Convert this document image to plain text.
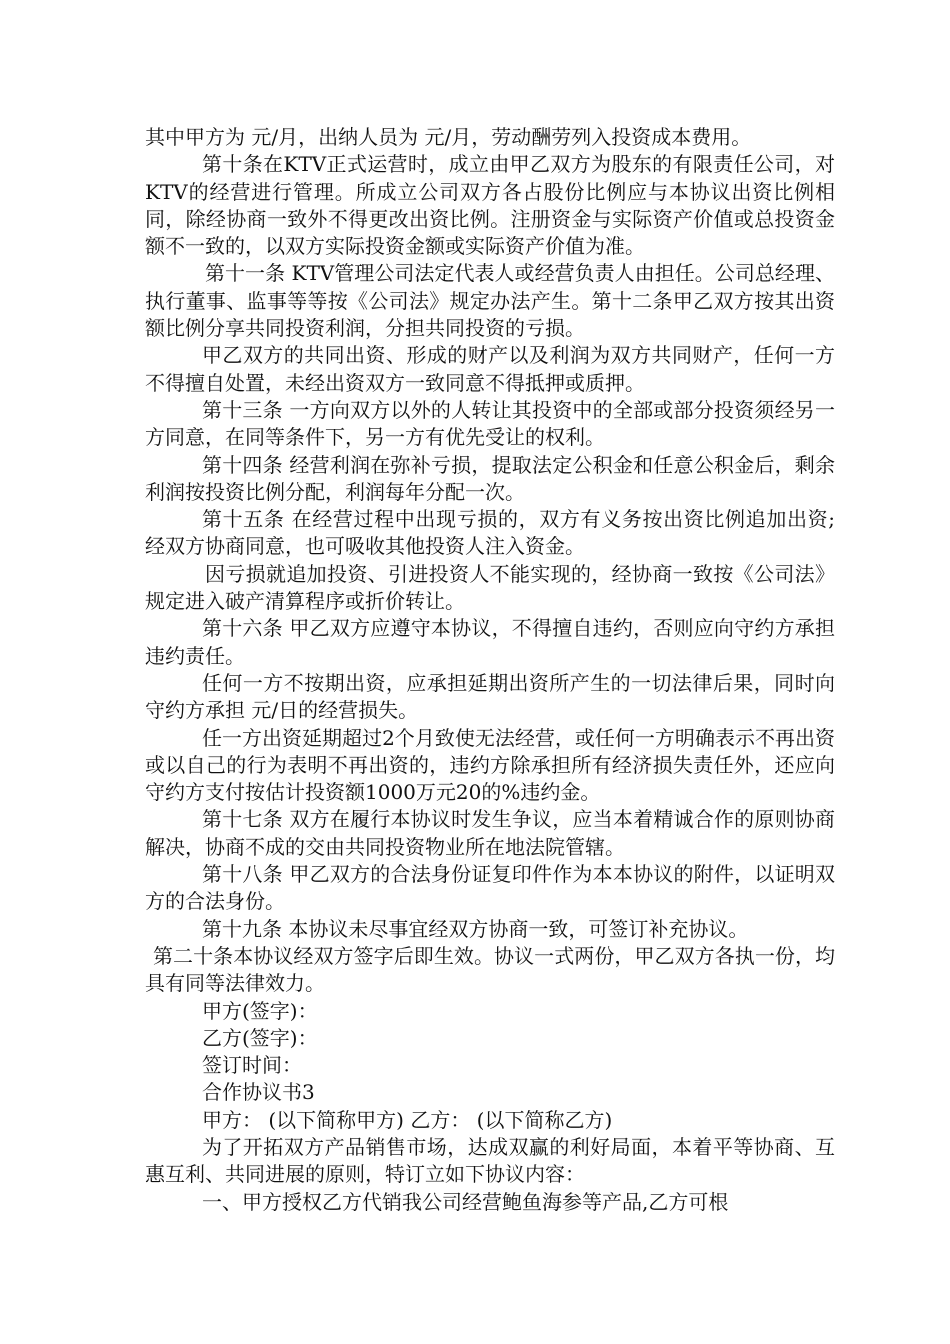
其中甲方为 元/月，出纳人员为 元/月，劳动酬劳列入投资成本费用。

第十条在KTV正式运营时，成立由甲乙双方为股东的有限责任公司，对KTV的经营进行管理。所成立公司双方各占股份比例应与本协议出资比例相同，除经协商一致外不得更改出资比例。注册资金与实际资产价值或总投资金额不一致的，以双方实际投资金额或实际资产价值为准。

第十一条 KTV管理公司法定代表人或经营负责人由担任。公司总经理、执行董事、监事等等按《公司法》规定办法产生。第十二条甲乙双方按其出资额比例分享共同投资利润，分担共同投资的亏损。

甲乙双方的共同出资、形成的财产以及利润为双方共同财产，任何一方不得擅自处置，未经出资双方一致同意不得抵押或质押。

第十三条 一方向双方以外的人转让其投资中的全部或部分投资须经另一方同意，在同等条件下，另一方有优先受让的权利。

第十四条 经营利润在弥补亏损，提取法定公积金和任意公积金后，剩余利润按投资比例分配，利润每年分配一次。

第十五条 在经营过程中出现亏损的，双方有义务按出资比例追加出资;经双方协商同意，也可吸收其他投资人注入资金。

因亏损就追加投资、引进投资人不能实现的，经协商一致按《公司法》规定进入破产清算程序或折价转让。

第十六条 甲乙双方应遵守本协议，不得擅自违约，否则应向守约方承担违约责任。

任何一方不按期出资，应承担延期出资所产生的一切法律后果，同时向守约方承担 元/日的经营损失。

任一方出资延期超过2个月致使无法经营，或任何一方明确表示不再出资或以自己的行为表明不再出资的，违约方除承担所有经济损失责任外，还应向守约方支付按估计投资额1000万元20的%违约金。

第十七条 双方在履行本协议时发生争议，应当本着精诚合作的原则协商解决，协商不成的交由共同投资物业所在地法院管辖。

第十八条 甲乙双方的合法身份证复印件作为本本协议的附件，以证明双方的合法身份。

第十九条 本协议未尽事宜经双方协商一致，可签订补充协议。

第二十条本协议经双方签字后即生效。协议一式两份，甲乙双方各执一份，均具有同等法律效力。

甲方(签字)：

乙方(签字)：

签订时间：

合作协议书3

甲方： (以下简称甲方) 乙方： (以下简称乙方)

为了开拓双方产品销售市场，达成双赢的利好局面，本着平等协商、互惠互利、共同进展的原则，特订立如下协议内容：

一、甲方授权乙方代销我公司经营鲍鱼海参等产品,乙方可根
